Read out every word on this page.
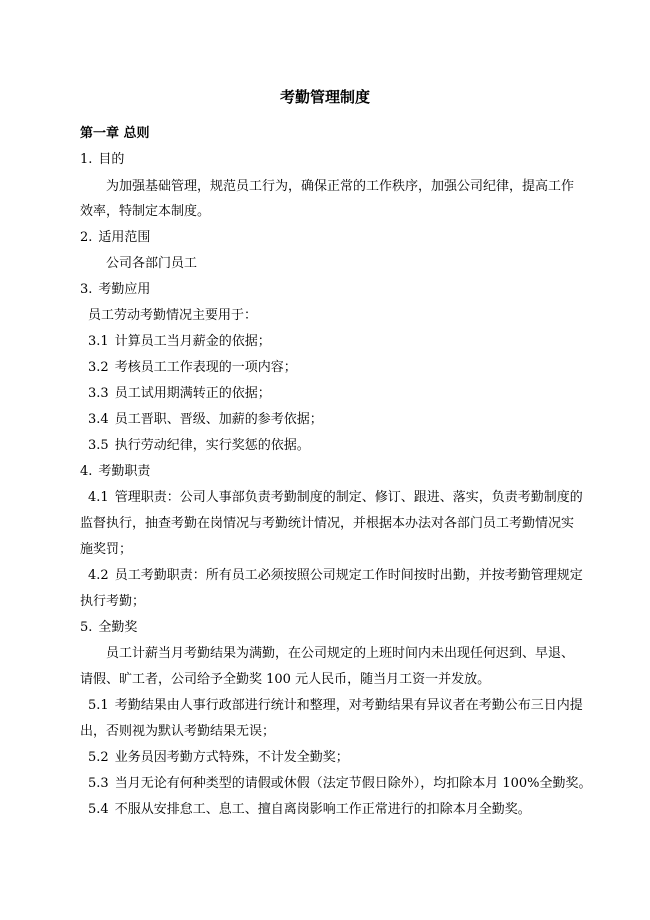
考勤管理制度
第一章 总则
1. 目的
为加强基础管理，规范员工行为，确保正常的工作秩序，加强公司纪律，提高工作
效率，特制定本制度。
2. 适用范围
公司各部门员工
3. 考勤应用
员工劳动考勤情况主要用于：
3.1 计算员工当月薪金的依据；
3.2 考核员工工作表现的一项内容；
3.3 员工试用期满转正的依据；
3.4 员工晋职、晋级、加薪的参考依据；
3.5 执行劳动纪律，实行奖惩的依据。
4. 考勤职责
4.1 管理职责：公司人事部负责考勤制度的制定、修订、跟进、落实，负责考勤制度的
监督执行，抽查考勤在岗情况与考勤统计情况，并根据本办法对各部门员工考勤情况实
施奖罚；
4.2 员工考勤职责：所有员工必须按照公司规定工作时间按时出勤，并按考勤管理规定
执行考勤；
5. 全勤奖
员工计薪当月考勤结果为满勤，在公司规定的上班时间内未出现任何迟到、早退、
请假、旷工者，公司给予全勤奖 100 元人民币，随当月工资一并发放。
5.1 考勤结果由人事行政部进行统计和整理，对考勤结果有异议者在考勤公布三日内提
出，否则视为默认考勤结果无误；
5.2 业务员因考勤方式特殊，不计发全勤奖；
5.3 当月无论有何种类型的请假或休假（法定节假日除外），均扣除本月 100%全勤奖。
5.4 不服从安排怠工、息工、擅自离岗影响工作正常进行的扣除本月全勤奖。
